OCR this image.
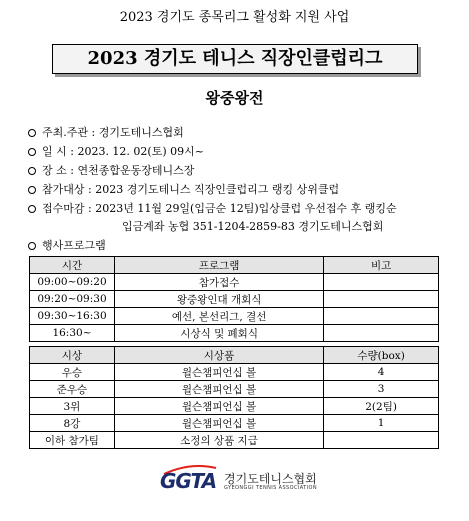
2023 경기도 종목리그 활성화 지원 사업
2023 경기도 테니스 직장인클럽리그
왕중왕전
주최.주관 : 경기도테니스협회
일 시 : 2023. 12. 02(토) 09시~
장 소 : 연천종합운동장테니스장
참가대상 : 2023 경기도테니스 직장인클럽리그 랭킹 상위클럽
접수마감 : 2023년 11월 29일(입금순 12팀)입상클럽 우선접수 후 랭킹순
입금계좌 농협 351-1204-2859-83 경기도테니스협회
행사프로그램
시간	프로그램	비고
09:00~09:20	참가접수	
09:20~09:30	왕중왕인대 개회식	
09:30~16:30	예선, 본선리그, 결선	
16:30~	시상식 및 폐회식	
시상	시상품	수량(box)
우승	윌슨챔피언십 볼	4
준우승	윌슨챔피언십 볼	3
3위	윌슨챔피언십 볼	2(2팀)
8강	윌슨챔피언십 볼	1
이하 참가팀	소정의 상품 지급	
GGTA 경기도테니스협회
GYEONGGI TENNIS ASSOCIATION
